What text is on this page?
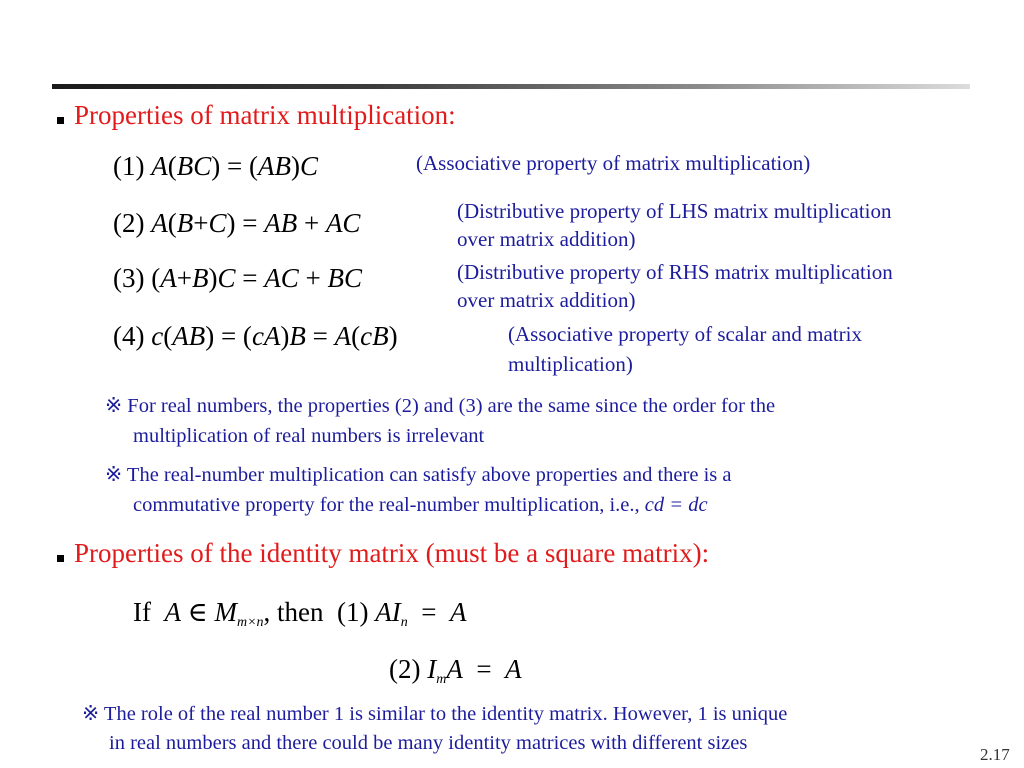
Properties of matrix multiplication:
(1) A(BC) = (AB)C	(Associative property of matrix multiplication)
(2) A(B+C) = AB + AC	(Distributive property of LHS matrix multiplication
over matrix addition)
(3) (A+B)C = AC + BC	(Distributive property of RHS matrix multiplication
over matrix addition)
(4) c(AB) = (cA)B = A(cB)	(Associative property of scalar and matrix
multiplication)
※ For real numbers, the properties (2) and (3) are the same since the order for the
multiplication of real numbers is irrelevant
※ The real-number multiplication can satisfy above properties and there is a
commutative property for the real-number multiplication, i.e., cd = dc
Properties of the identity matrix (must be a square matrix):
If A ∈ $M_{m\times n}$, then (1) $AI_n = A$
(2) $I_mA = A$
※ The role of the real number 1 is similar to the identity matrix. However, 1 is unique
in real numbers and there could be many identity matrices with different sizes
2.17
